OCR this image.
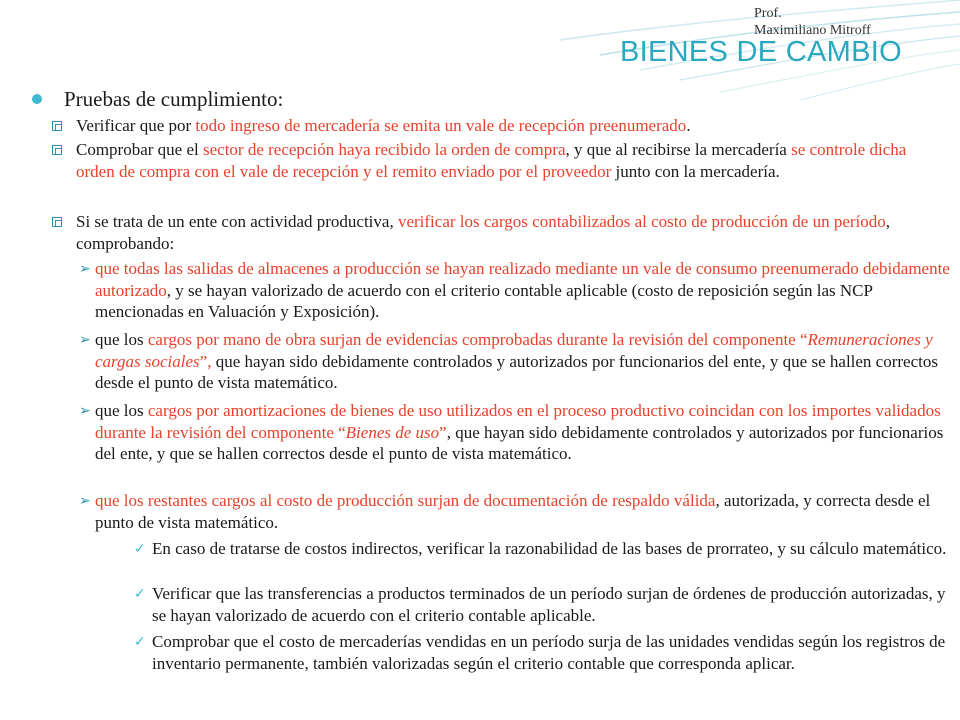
Prof.
Maximiliano Mitroff
BIENES DE CAMBIO
Pruebas de cumplimiento:
Verificar que por todo ingreso de mercadería se emita un vale de recepción preenumerado.
Comprobar que el sector de recepción haya recibido la orden de compra, y que al recibirse la mercadería se controle dicha orden de compra con el vale de recepción y el remito enviado por el proveedor junto con la mercadería.
Si se trata de un ente con actividad productiva, verificar los cargos contabilizados al costo de producción de un período, comprobando:
➢ que todas las salidas de almacenes a producción se hayan realizado mediante un vale de consumo preenumerado debidamente autorizado, y se hayan valorizado de acuerdo con el criterio contable aplicable (costo de reposición según las NCP mencionadas en Valuación y Exposición).
➢ que los cargos por mano de obra surjan de evidencias comprobadas durante la revisión del componente “Remuneraciones y cargas sociales”, que hayan sido debidamente controlados y autorizados por funcionarios del ente, y que se hallen correctos desde el punto de vista matemático.
➢ que los cargos por amortizaciones de bienes de uso utilizados en el proceso productivo coincidan con los importes validados durante la revisión del componente “Bienes de uso”, que hayan sido debidamente controlados y autorizados por funcionarios del ente, y que se hallen correctos desde el punto de vista matemático.
➢ que los restantes cargos al costo de producción surjan de documentación de respaldo válida, autorizada, y correcta desde el punto de vista matemático.
✓ En caso de tratarse de costos indirectos, verificar la razonabilidad de las bases de prorrateo, y su cálculo matemático.
✓ Verificar que las transferencias a productos terminados de un período surjan de órdenes de producción autorizadas, y se hayan valorizado de acuerdo con el criterio contable aplicable.
✓ Comprobar que el costo de mercaderías vendidas en un período surja de las unidades vendidas según los registros de inventario permanente, también valorizadas según el criterio contable que corresponda aplicar.
